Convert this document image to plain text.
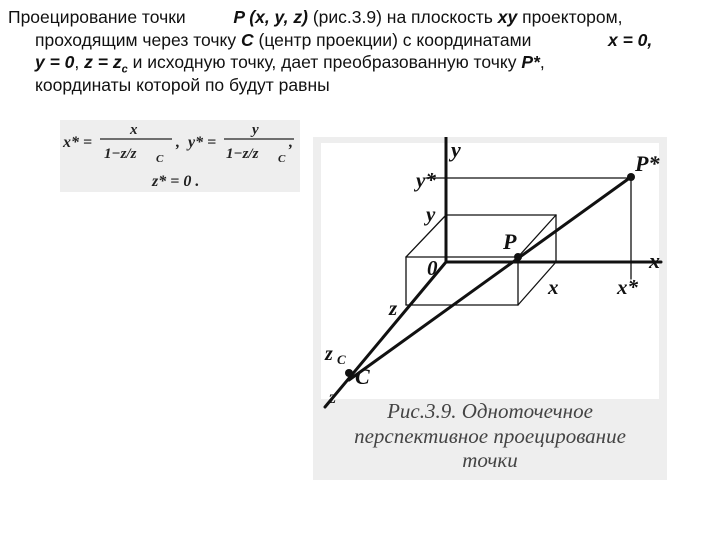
Проецирование точки	P (x, y, z) (рис.3.9) на плоскость xy проектором,
проходящим через точку C (центр проекции) с координатами	x = 0,
y = 0, $z = z_c$ и исходную точку, дает преобразованную точку P*,
координаты которой по будут равны
x* =
x
1−z/z C
, y* =
y
1−z/z C
,
z* = 0 .
y
y*
y
P*
P
0	x
x	x*
z
z C
C
z
Рис.3.9. Одноточечное
перспективное проецирование
точки
